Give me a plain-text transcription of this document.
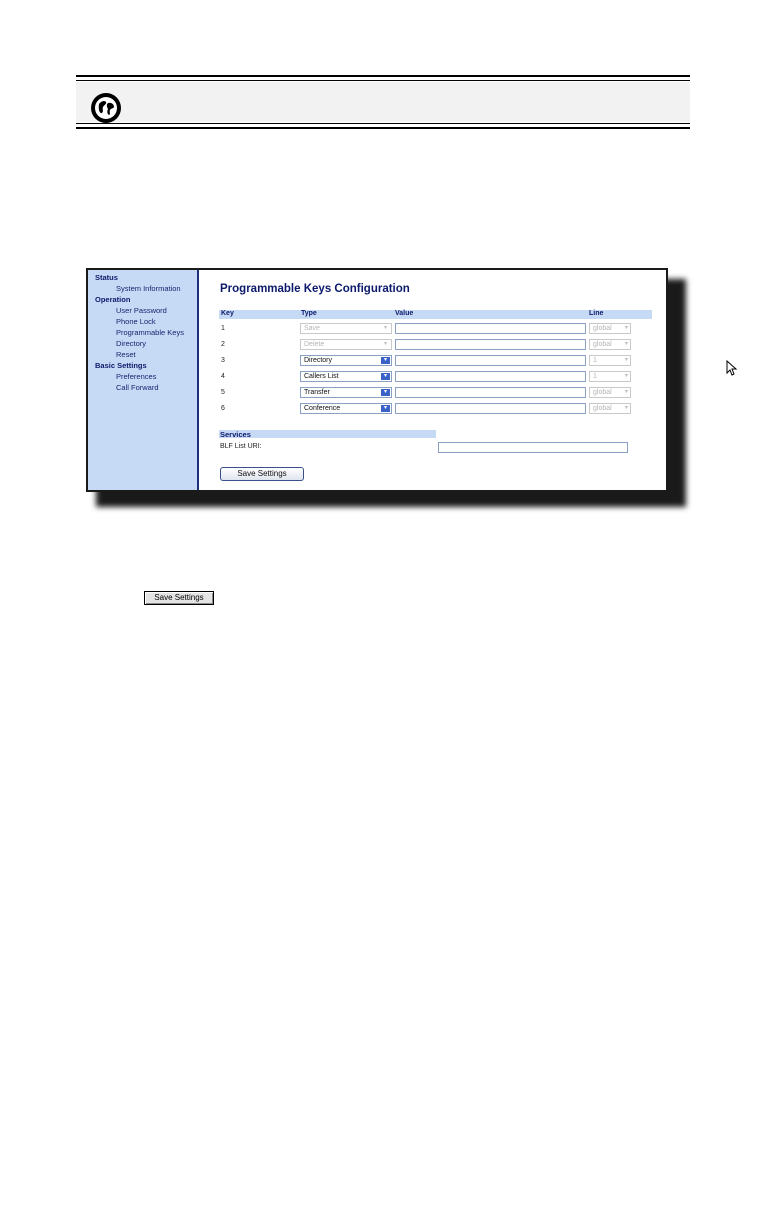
Status
System Information
Operation
User Password
Phone Lock
Programmable Keys
Directory
Reset
Basic Settings
Preferences
Call Forward
Programmable Keys Configuration
Key	Type	Value	Line
1	Save	▾	global ▾
2	Delete	▾	global ▾
3	Directory	▾	1	▾
4	Callers List	▾	1	▾
5	Transfer	▾	global ▾
6	Conference	▾	global ▾
Services
BLF List URI:
Save Settings
Save Settings
